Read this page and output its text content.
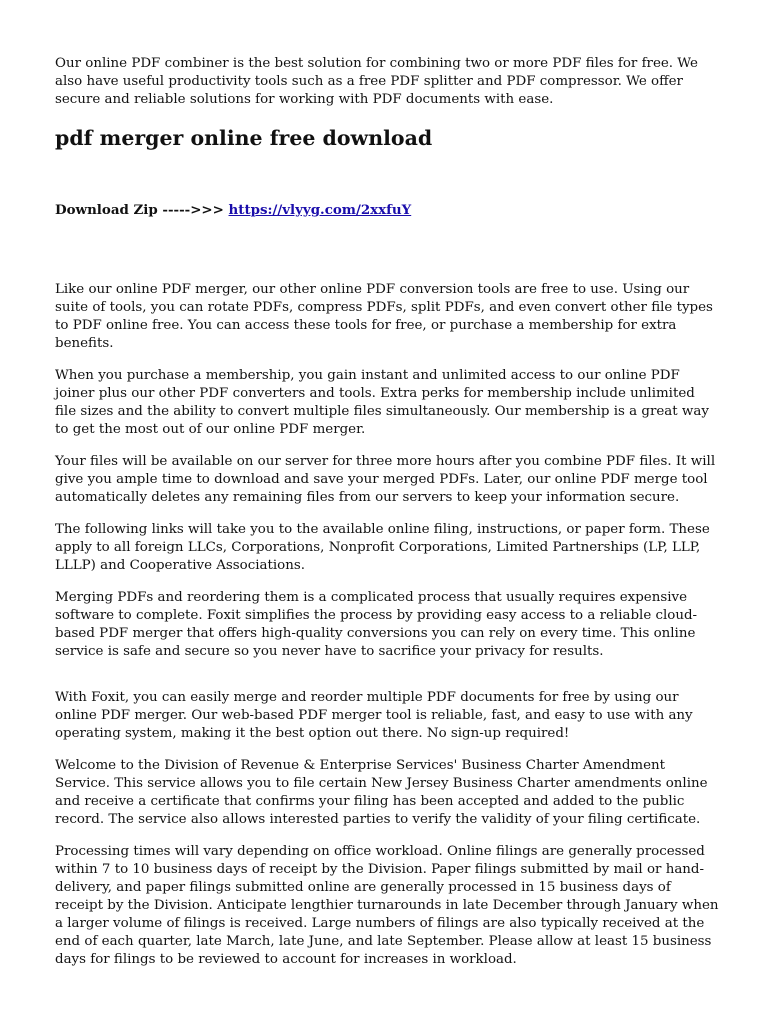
Our online PDF combiner is the best solution for combining two or more PDF files for free. We also have useful productivity tools such as a free PDF splitter and PDF compressor. We offer secure and reliable solutions for working with PDF documents with ease.

pdf merger online free download

Download Zip ----->>> https://vlyyg.com/2xxfuY

Like our online PDF merger, our other online PDF conversion tools are free to use. Using our suite of tools, you can rotate PDFs, compress PDFs, split PDFs, and even convert other file types to PDF online free. You can access these tools for free, or purchase a membership for extra benefits.

When you purchase a membership, you gain instant and unlimited access to our online PDF joiner plus our other PDF converters and tools. Extra perks for membership include unlimited file sizes and the ability to convert multiple files simultaneously. Our membership is a great way to get the most out of our online PDF merger.

Your files will be available on our server for three more hours after you combine PDF files. It will give you ample time to download and save your merged PDFs. Later, our online PDF merge tool automatically deletes any remaining files from our servers to keep your information secure.

The following links will take you to the available online filing, instructions, or paper form. These apply to all foreign LLCs, Corporations, Nonprofit Corporations, Limited Partnerships (LP, LLP, LLLP) and Cooperative Associations.

Merging PDFs and reordering them is a complicated process that usually requires expensive software to complete. Foxit simplifies the process by providing easy access to a reliable cloud-based PDF merger that offers high-quality conversions you can rely on every time. This online service is safe and secure so you never have to sacrifice your privacy for results.

With Foxit, you can easily merge and reorder multiple PDF documents for free by using our online PDF merger. Our web-based PDF merger tool is reliable, fast, and easy to use with any operating system, making it the best option out there. No sign-up required!

Welcome to the Division of Revenue & Enterprise Services' Business Charter Amendment Service. This service allows you to file certain New Jersey Business Charter amendments online and receive a certificate that confirms your filing has been accepted and added to the public record. The service also allows interested parties to verify the validity of your filing certificate.

Processing times will vary depending on office workload. Online filings are generally processed within 7 to 10 business days of receipt by the Division. Paper filings submitted by mail or hand-delivery, and paper filings submitted online are generally processed in 15 business days of receipt by the Division. Anticipate lengthier turnarounds in late December through January when a larger volume of filings is received. Large numbers of filings are also typically received at the end of each quarter, late March, late June, and late September. Please allow at least 15 business days for filings to be reviewed to account for increases in workload.
